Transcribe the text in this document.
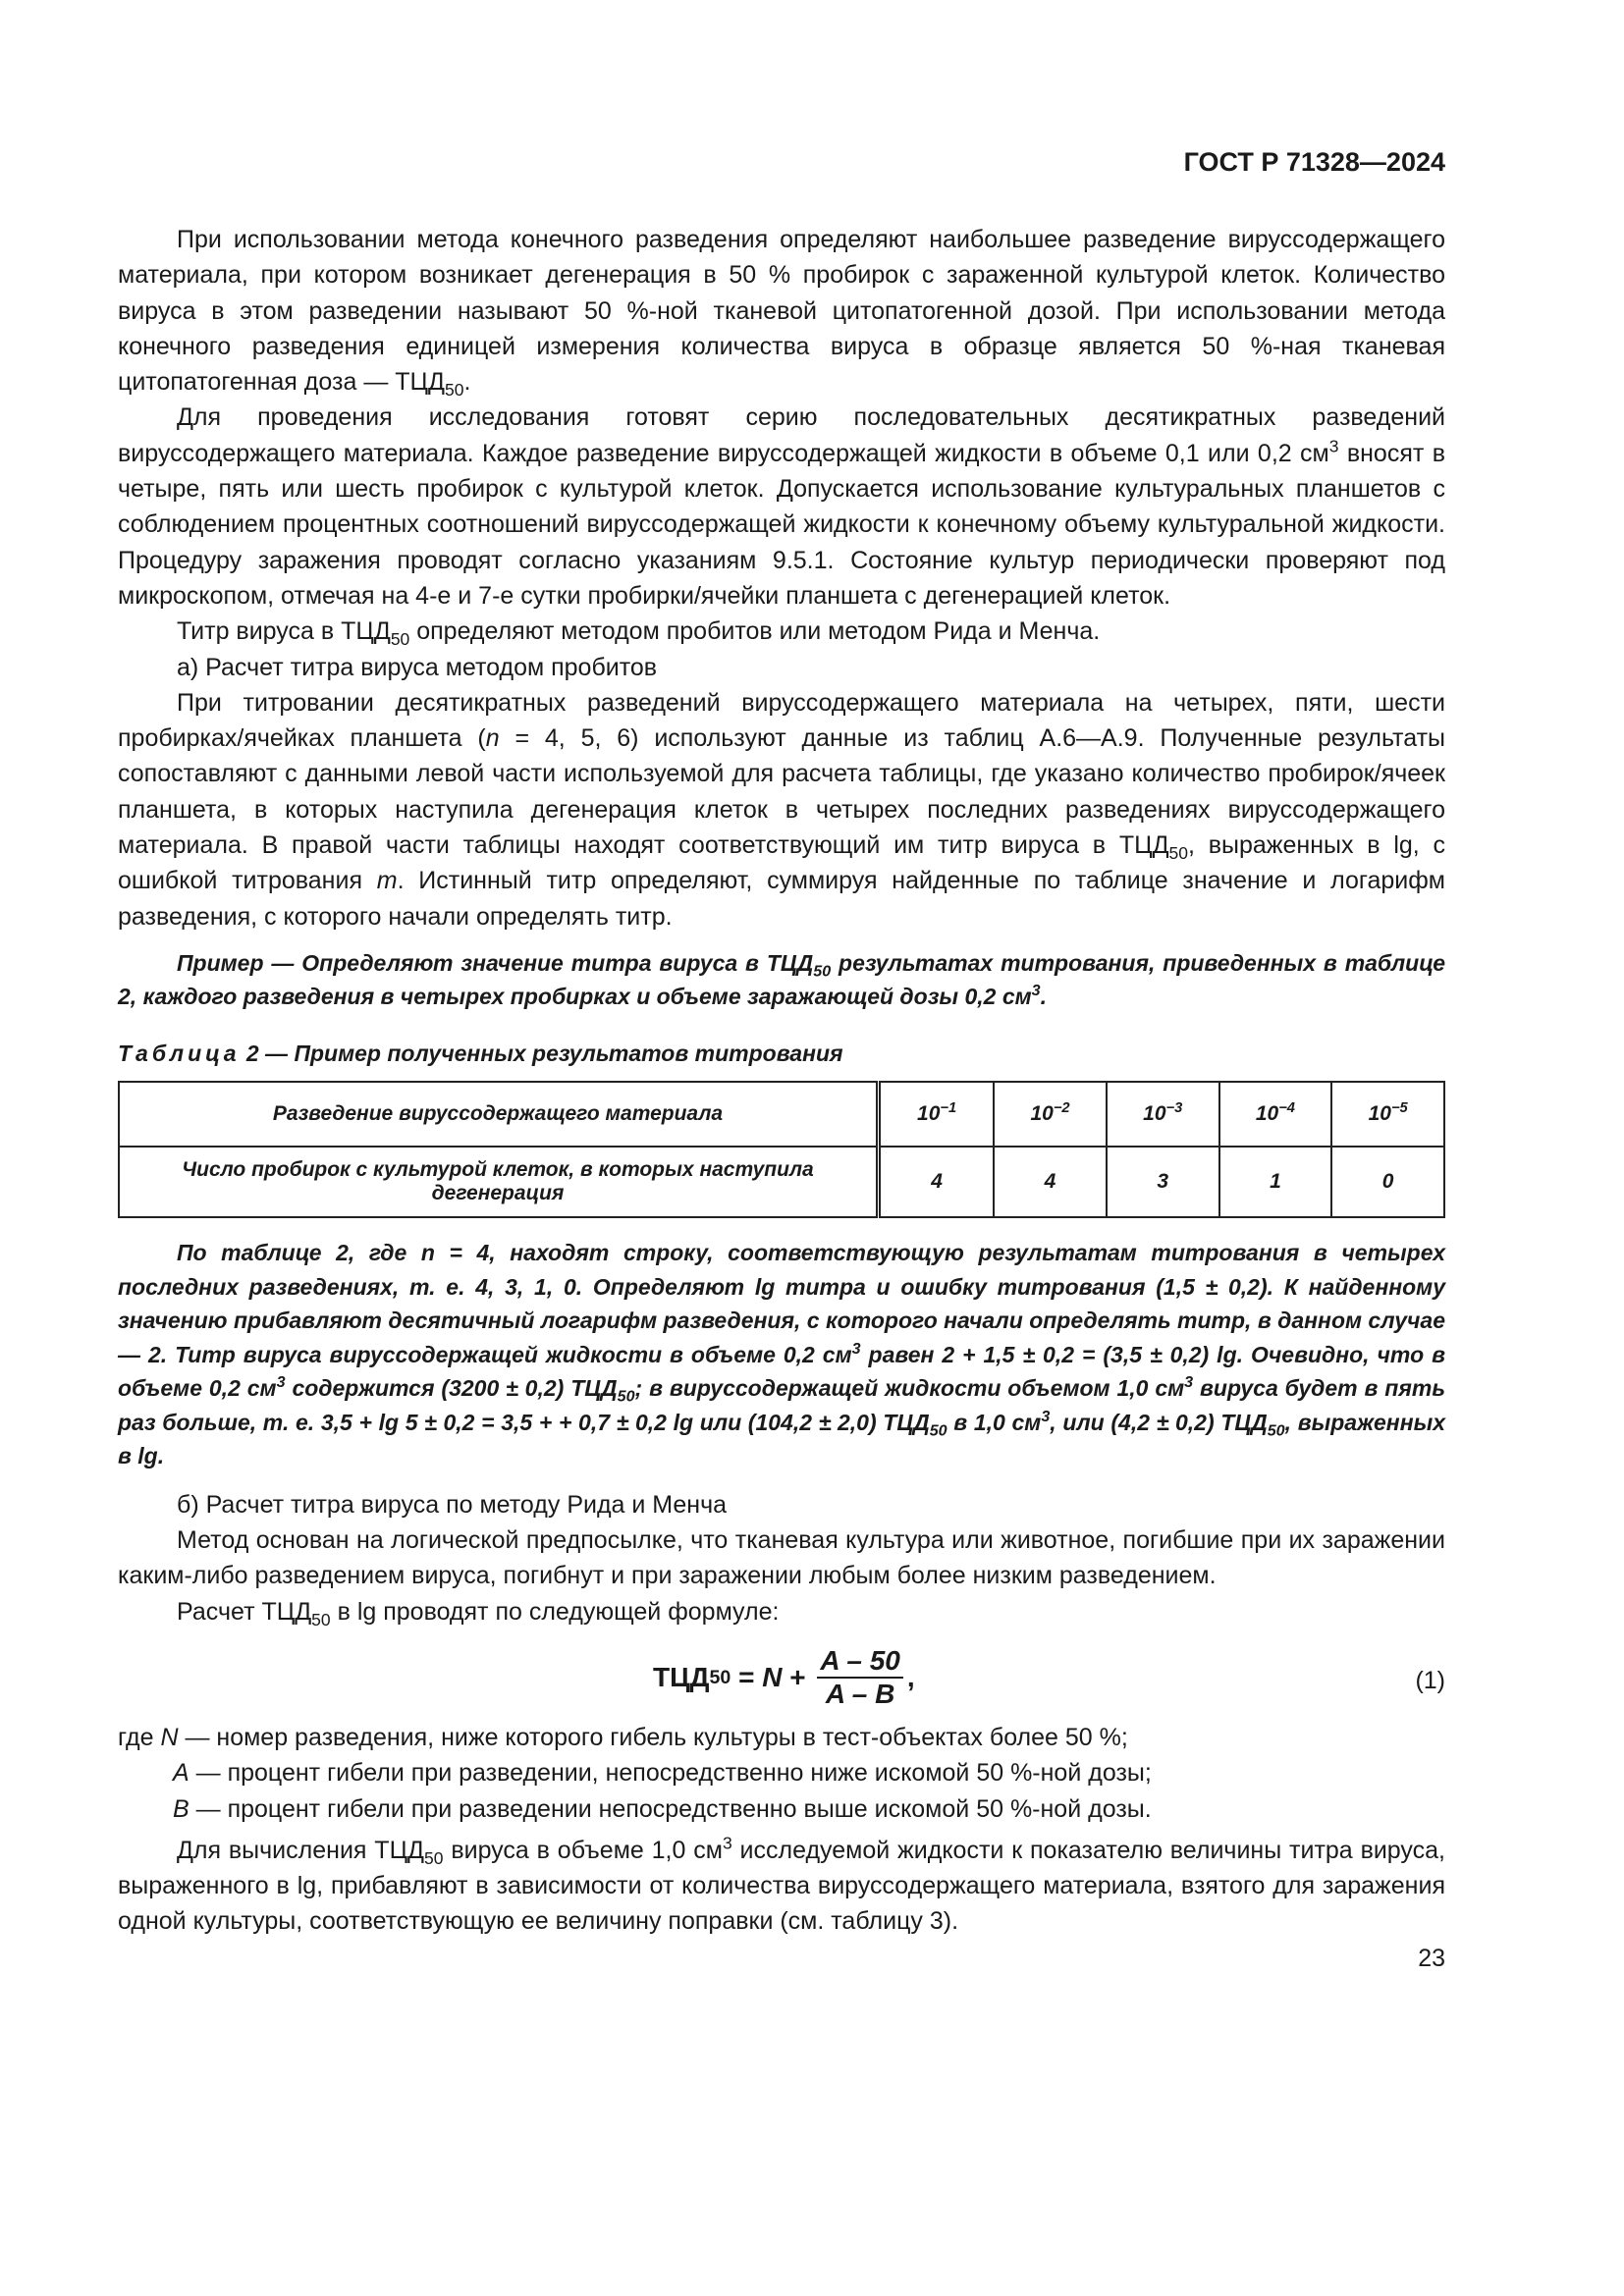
ГОСТ Р 71328—2024

При использовании метода конечного разведения определяют наибольшее разведение вируссодержащего материала, при котором возникает дегенерация в 50 % пробирок с зараженной культурой клеток. Количество вируса в этом разведении называют 50 %-ной тканевой цитопатогенной дозой. При использовании метода конечного разведения единицей измерения количества вируса в образце является 50 %-ная тканевая цитопатогенная доза — $ТЦД_{50}$.

Для проведения исследования готовят серию последовательных десятикратных разведений вируссодержащего материала. Каждое разведение вируссодержащей жидкости в объеме 0,1 или 0,2 $см^3$ вносят в четыре, пять или шесть пробирок с культурой клеток. Допускается использование культуральных планшетов с соблюдением процентных соотношений вируссодержащей жидкости к конечному объему культуральной жидкости. Процедуру заражения проводят согласно указаниям 9.5.1. Состояние культур периодически проверяют под микроскопом, отмечая на 4-е и 7-е сутки пробирки/ячейки планшета с дегенерацией клеток.

Титр вируса в $ТЦД_{50}$ определяют методом пробитов или методом Рида и Менча.

а) Расчет титра вируса методом пробитов

При титровании десятикратных разведений вируссодержащего материала на четырех, пяти, шести пробирках/ячейках планшета (n = 4, 5, 6) используют данные из таблиц А.6—А.9. Полученные результаты сопоставляют с данными левой части используемой для расчета таблицы, где указано количество пробирок/ячеек планшета, в которых наступила дегенерация клеток в четырех последних разведениях вируссодержащего материала. В правой части таблицы находят соответствующий им титр вируса в $ТЦД_{50}$, выраженных в lg, с ошибкой титрования m. Истинный титр определяют, суммируя найденные по таблице значение и логарифм разведения, с которого начали определять титр.

Пример — Определяют значение титра вируса в $ТЦД_{50}$ результатах титрования, приведенных в таблице 2, каждого разведения в четырех пробирках и объеме заражающей дозы 0,2 $см^3$.

Таблица 2 — Пример полученных результатов титрования

Разведение вируссодержащего материала	$10^{-1}$	$10^{-2}$	$10^{-3}$	$10^{-4}$	$10^{-5}$
Число пробирок с культурой клеток, в которых наступила дегенерация	4	4	3	1	0

По таблице 2, где n = 4, находят строку, соответствующую результатам титрования в четырех последних разведениях, т. е. 4, 3, 1, 0. Определяют lg титра и ошибку титрования (1,5 ± 0,2). К найденному значению прибавляют десятичный логарифм разведения, с которого начали определять титр, в данном случае — 2. Титр вируса вируссодержащей жидкости в объеме 0,2 $см^3$ равен 2 + 1,5 ± 0,2 = (3,5 ± 0,2) lg. Очевидно, что в объеме 0,2 $см^3$ содержится (3200 ± 0,2) $ТЦД_{50}$; в вируссодержащей жидкости объемом 1,0 $см^3$ вируса будет в пять раз больше, т. е. 3,5 + lg 5 ± 0,2 = 3,5 + + 0,7 ± 0,2 lg или (104,2 ± 2,0) $ТЦД_{50}$ в 1,0 $см^3$, или (4,2 ± 0,2) $ТЦД_{50}$, выраженных в lg.

б) Расчет титра вируса по методу Рида и Менча

Метод основан на логической предпосылке, что тканевая культура или животное, погибшие при их заражении каким-либо разведением вируса, погибнут и при заражении любым более низким разведением.

Расчет $ТЦД_{50}$ в lg проводят по следующей формуле:

ТЦД $50 = N + \frac{A - 50}{A - B}$ ,	(1)

где N — номер разведения, ниже которого гибель культуры в тест-объектах более 50 %;

A — процент гибели при разведении, непосредственно ниже искомой 50 %-ной дозы;

B — процент гибели при разведении непосредственно выше искомой 50 %-ной дозы.

Для вычисления $ТЦД_{50}$ вируса в объеме 1,0 $см^3$ исследуемой жидкости к показателю величины титра вируса, выраженного в lg, прибавляют в зависимости от количества вируссодержащего материала, взятого для заражения одной культуры, соответствующую ее величину поправки (см. таблицу 3).

23
